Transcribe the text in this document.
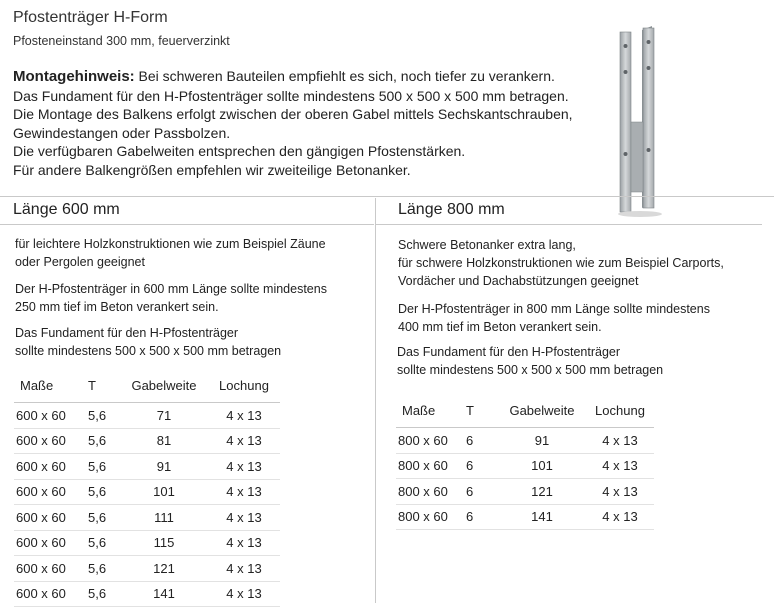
Pfostenträger H-Form
Pfosteneinstand 300 mm, feuerverzinkt
Montagehinweis: Bei schweren Bauteilen empfiehlt es sich, noch tiefer zu verankern.
Das Fundament für den H-Pfostenträger sollte mindestens 500 x 500 x 500 mm betragen.
Die Montage des Balkens erfolgt zwischen der oberen Gabel mittels Sechskantschrauben,
Gewindestangen oder Passbolzen.
Die verfügbaren Gabelweiten entsprechen den gängigen Pfostenstärken.
Für andere Balkengrößen empfehlen wir zweiteilige Betonanker.
Länge 600 mm
für leichtere Holzkonstruktionen wie zum Beispiel Zäune
oder Pergolen geeignet
Der H-Pfostenträger in 600 mm Länge sollte mindestens
250 mm tief im Beton verankert sein.
Das Fundament für den H-Pfostenträger
sollte mindestens 500 x 500 x 500 mm betragen
Maße	T	Gabelweite	Lochung
600 x 60	5,6	71	4 x 13
600 x 60	5,6	81	4 x 13
600 x 60	5,6	91	4 x 13
600 x 60	5,6	101	4 x 13
600 x 60	5,6	111	4 x 13
600 x 60	5,6	115	4 x 13
600 x 60	5,6	121	4 x 13
600 x 60	5,6	141	4 x 13
Länge 800 mm
Schwere Betonanker extra lang,
für schwere Holzkonstruktionen wie zum Beispiel Carports,
Vordächer und Dachabstützungen geeignet
Der H-Pfostenträger in 800 mm Länge sollte mindestens
400 mm tief im Beton verankert sein.
Das Fundament für den H-Pfostenträger
sollte mindestens 500 x 500 x 500 mm betragen
Maße	T	Gabelweite	Lochung
800 x 60	6	91	4 x 13
800 x 60	6	101	4 x 13
800 x 60	6	121	4 x 13
800 x 60	6	141	4 x 13
